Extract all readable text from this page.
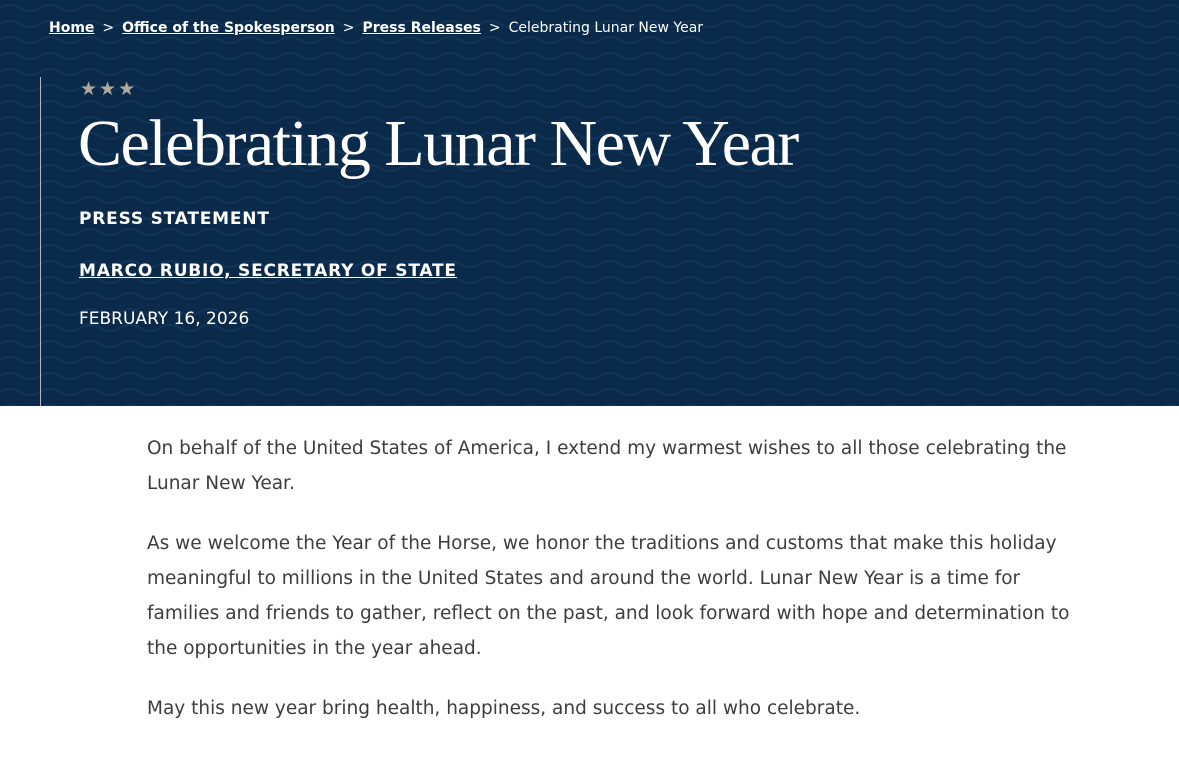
Home > Office of the Spokesperson > Press Releases > Celebrating Lunar New Year
★★★
Celebrating Lunar New Year
PRESS STATEMENT
MARCO RUBIO, SECRETARY OF STATE
FEBRUARY 16, 2026

On behalf of the United States of America, I extend my warmest wishes to all those celebrating the Lunar New Year.

As we welcome the Year of the Horse, we honor the traditions and customs that make this holiday meaningful to millions in the United States and around the world. Lunar New Year is a time for families and friends to gather, reflect on the past, and look forward with hope and determination to the opportunities in the year ahead.

May this new year bring health, happiness, and success to all who celebrate.
